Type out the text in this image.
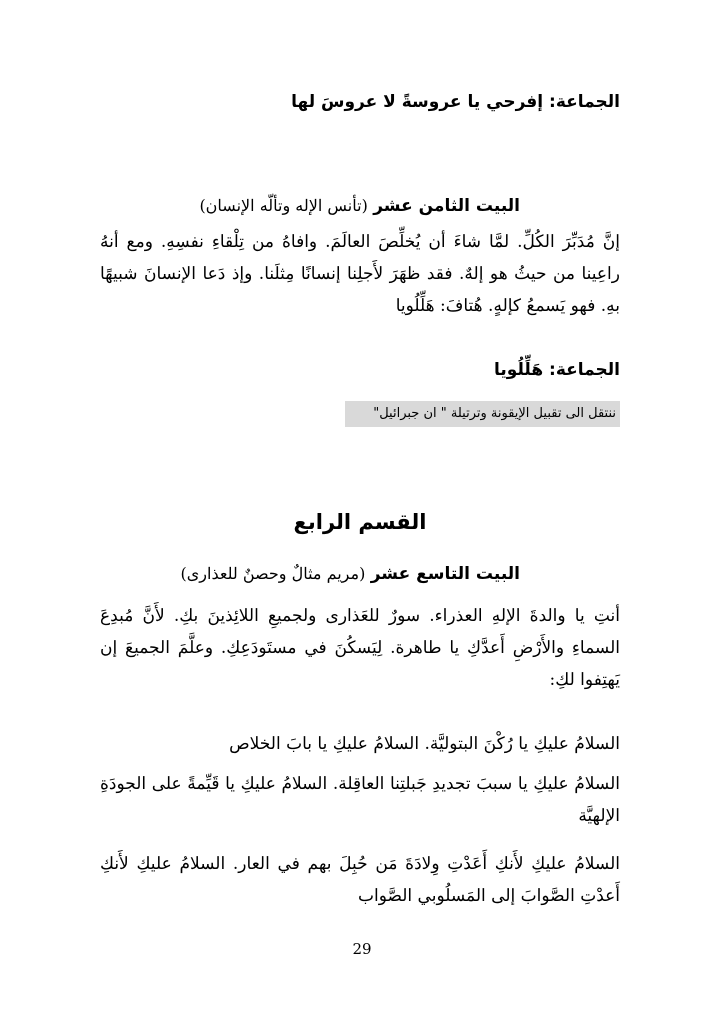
الجماعة: إفرحي يا عروسةً لا عروسَ لها

البيت الثامن عشر (تأنس الإله وتألّه الإنسان)

إنَّ مُدَبِّرَ الكُلِّ. لمَّا شاءَ أن يُخلِّصَ العالَمَ. وافاهُ من تِلْقاءِ نفسِهِ. ومع أنهُ راعِينا من حيثُ هو إلهٌ. فقد ظهَرَ لأَجلِنا إنسانًا مِثلَنا. وإذ دَعا الإنسانَ شبيهًا بهِ. فهو يَسمعُ كإلهٍ. هُتافَ: هَلِّلُويا

الجماعة: هَلِّلُويا

ننتقل الى تقبيل الإيقونة وترتيلة " ان جبرائيل"

القسم الرابع

البيت التاسع عشر (مريم مثالٌ وحصنٌ للعذارى)

أنتِ يا والدةَ الإلهِ العذراء. سورٌ للعَذارى ولجميعِ اللائِذينَ بكِ. لأَنَّ مُبدِعَ السماءِ والأَرْضِ أَعدَّكِ يا طاهرة. لِيَسكُنَ في مستَودَعِكِ. وعلَّمَ الجميعَ إن يَهتِفوا لكِ:

السلامُ عليكِ يا رُكْنَ البتوليَّة. السلامُ عليكِ يا بابَ الخلاص

السلامُ عليكِ يا سببَ تجديدِ جَبلتِنا العاقِلة. السلامُ عليكِ يا قَيِّمةً على الجودَةِ الإلهيَّة

السلامُ عليكِ لأَنكِ أَعَدْتِ وِلادَةَ مَن حُبِلَ بهم في العار. السلامُ عليكِ لأَنكِ أَعدْتِ الصَّوابَ إلى المَسلُوبي الصَّواب

29
